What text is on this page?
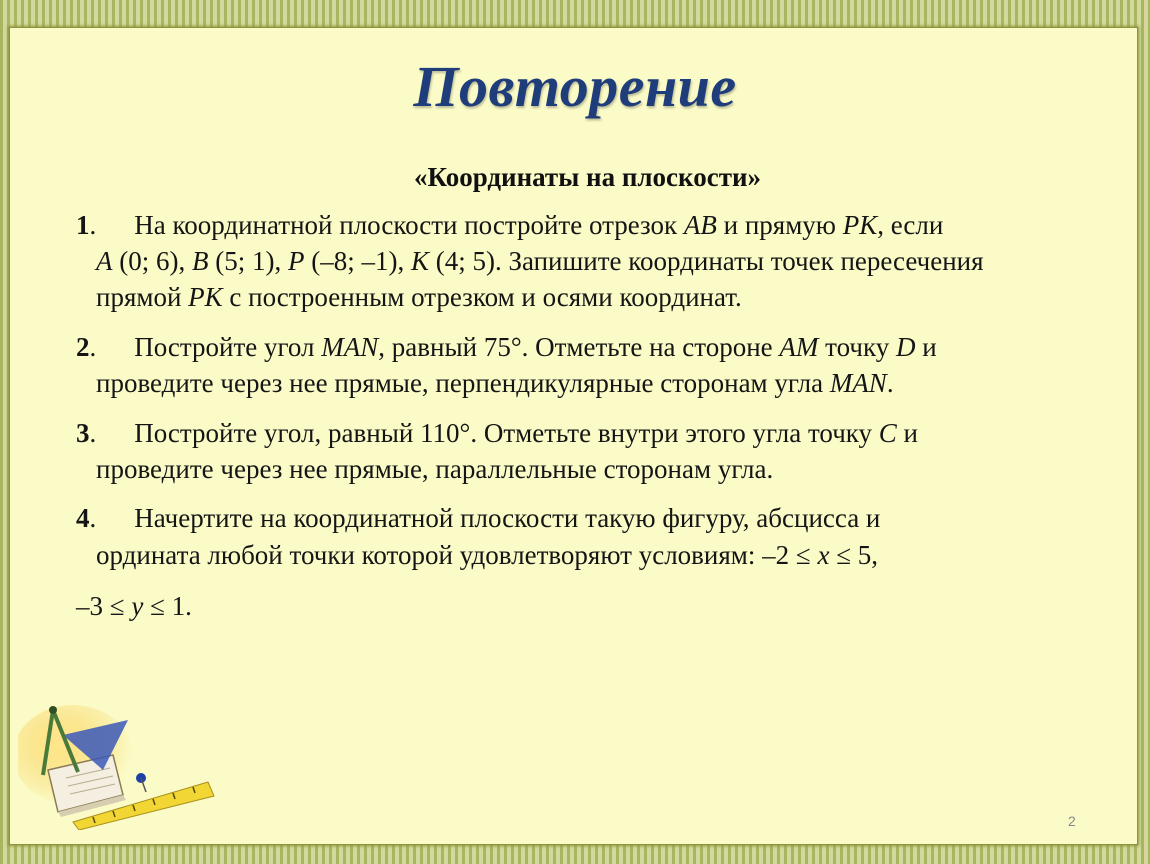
Повторение
«Координаты на плоскости»
1. На координатной плоскости постройте отрезок AB и прямую PK, если
A (0; 6), B (5; 1), P (–8; –1), K (4; 5). Запишите координаты точек пересечения
прямой PK с построенным отрезком и осями координат.
2. Постройте угол MAN, равный 75°. Отметьте на стороне AM точку D и
проведите через нее прямые, перпендикулярные сторонам угла MAN.
3. Постройте угол, равный 110°. Отметьте внутри этого угла точку C и
проведите через нее прямые, параллельные сторонам угла.
4. Начертите на координатной плоскости такую фигуру, абсцисса и
ордината любой точки которой удовлетворяют условиям: –2 ≤ x ≤ 5,
–3 ≤ y ≤ 1.
2
